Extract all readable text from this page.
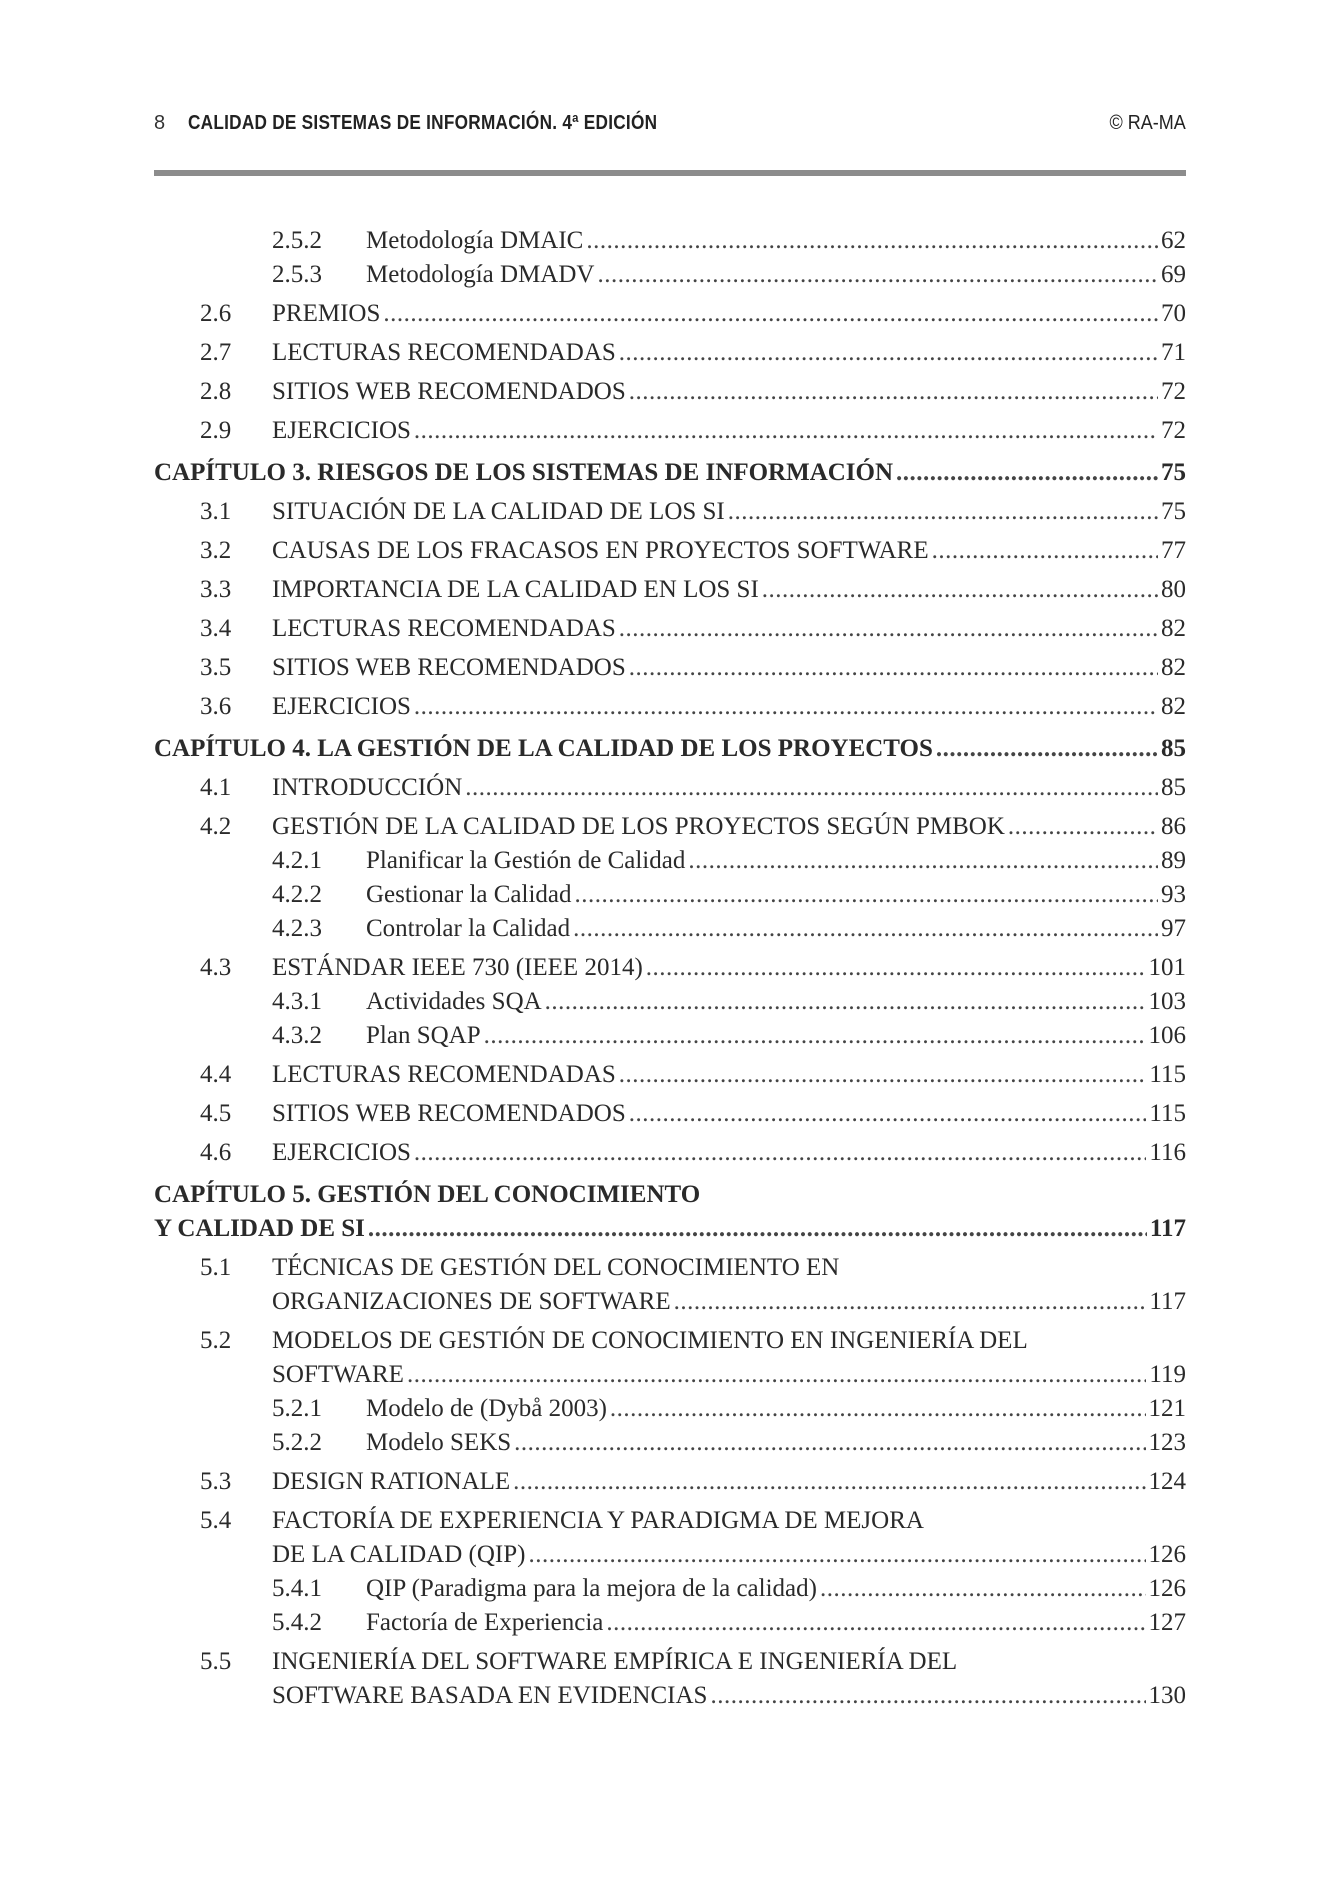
8 CALIDAD DE SISTEMAS DE INFORMACIÓN. 4ª EDICIÓN	© RA-MA
2.5.2 Metodología DMAIC .....	62
2.5.3 Metodología DMADV .....	69
2.6 PREMIOS .....	70
2.7 LECTURAS RECOMENDADAS .....	71
2.8 SITIOS WEB RECOMENDADOS .....	72
2.9 EJERCICIOS .....	72
CAPÍTULO 3. RIESGOS DE LOS SISTEMAS DE INFORMACIÓN .....	75
3.1 SITUACIÓN DE LA CALIDAD DE LOS SI .....	75
3.2 CAUSAS DE LOS FRACASOS EN PROYECTOS SOFTWARE .....	77
3.3 IMPORTANCIA DE LA CALIDAD EN LOS SI .....	80
3.4 LECTURAS RECOMENDADAS .....	82
3.5 SITIOS WEB RECOMENDADOS .....	82
3.6 EJERCICIOS .....	82
CAPÍTULO 4. LA GESTIÓN DE LA CALIDAD DE LOS PROYECTOS .....	85
4.1 INTRODUCCIÓN .....	85
4.2 GESTIÓN DE LA CALIDAD DE LOS PROYECTOS SEGÚN PMBOK .....	86
4.2.1 Planificar la Gestión de Calidad .....	89
4.2.2 Gestionar la Calidad .....	93
4.2.3 Controlar la Calidad .....	97
4.3 ESTÁNDAR IEEE 730 (IEEE 2014) .....	101
4.3.1 Actividades SQA .....	103
4.3.2 Plan SQAP .....	106
4.4 LECTURAS RECOMENDADAS .....	115
4.5 SITIOS WEB RECOMENDADOS .....	115
4.6 EJERCICIOS .....	116
CAPÍTULO 5. GESTIÓN DEL CONOCIMIENTO
Y CALIDAD DE SI .....	117
5.1 TÉCNICAS DE GESTIÓN DEL CONOCIMIENTO EN
ORGANIZACIONES DE SOFTWARE .....	117
5.2 MODELOS DE GESTIÓN DE CONOCIMIENTO EN INGENIERÍA DEL
SOFTWARE .....	119
5.2.1 Modelo de (Dybå 2003) .....	121
5.2.2 Modelo SEKS .....	123
5.3 DESIGN RATIONALE .....	124
5.4 FACTORÍA DE EXPERIENCIA Y PARADIGMA DE MEJORA
DE LA CALIDAD (QIP) .....	126
5.4.1 QIP (Paradigma para la mejora de la calidad) .....	126
5.4.2 Factoría de Experiencia .....	127
5.5 INGENIERÍA DEL SOFTWARE EMPÍRICA E INGENIERÍA DEL
SOFTWARE BASADA EN EVIDENCIAS .....	130
